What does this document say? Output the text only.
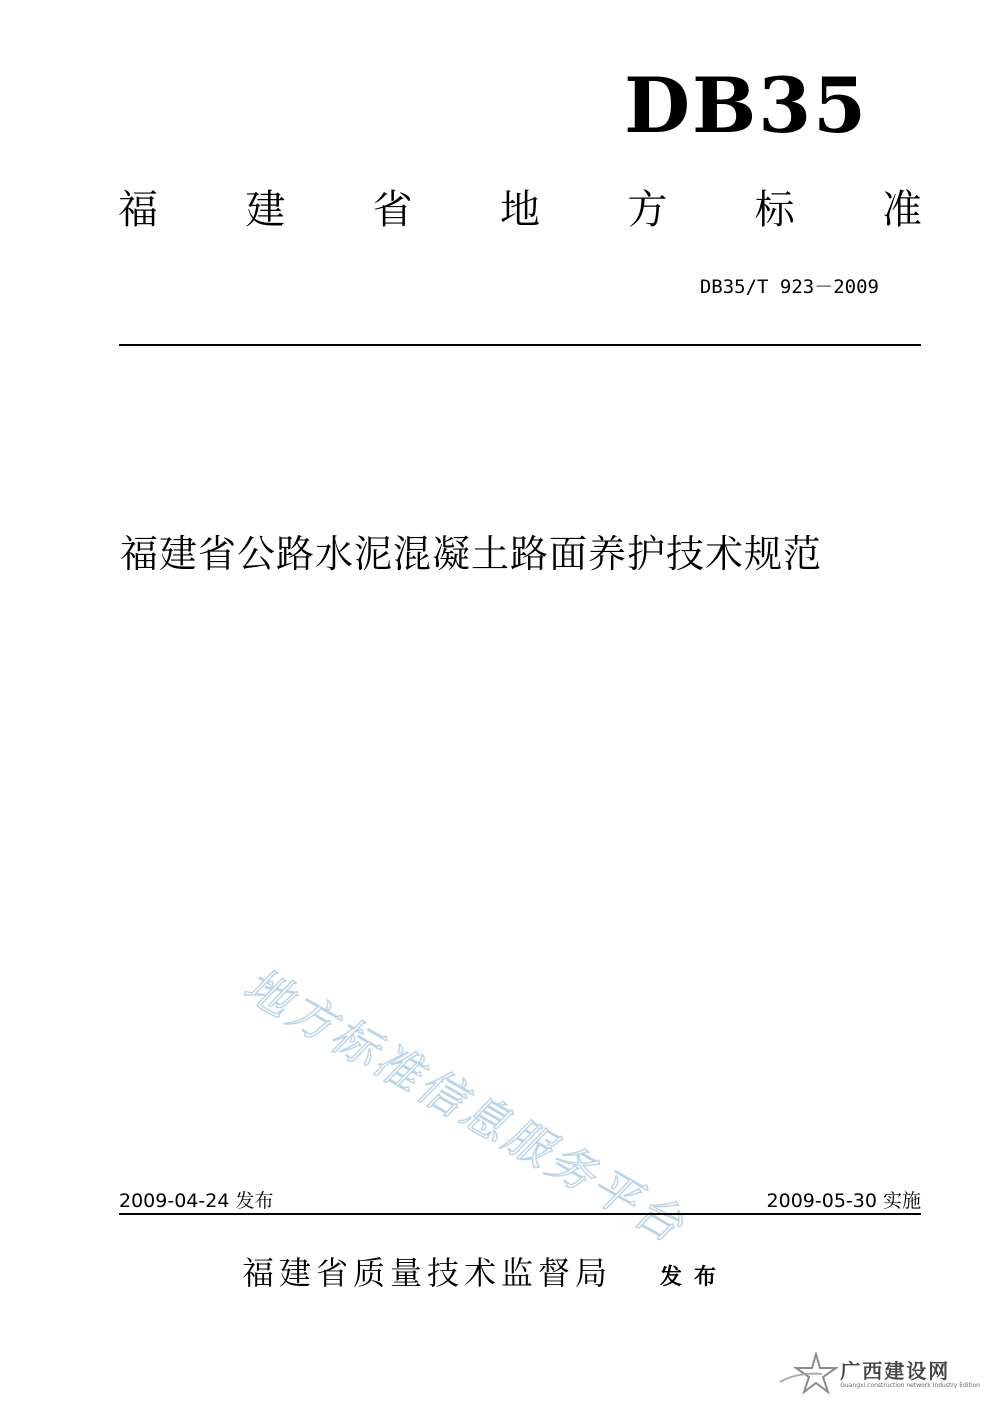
DB35
福 建 省 地 方 标 准
DB35/T 923－2009
福建省公路水泥混凝土路面养护技术规范
地方标准信息服务平台
2009-04-24 发布	2009-05-30 实施
福建省质量技术监督局 发布
广西建设网
Guangxi construction network Industry Edition
